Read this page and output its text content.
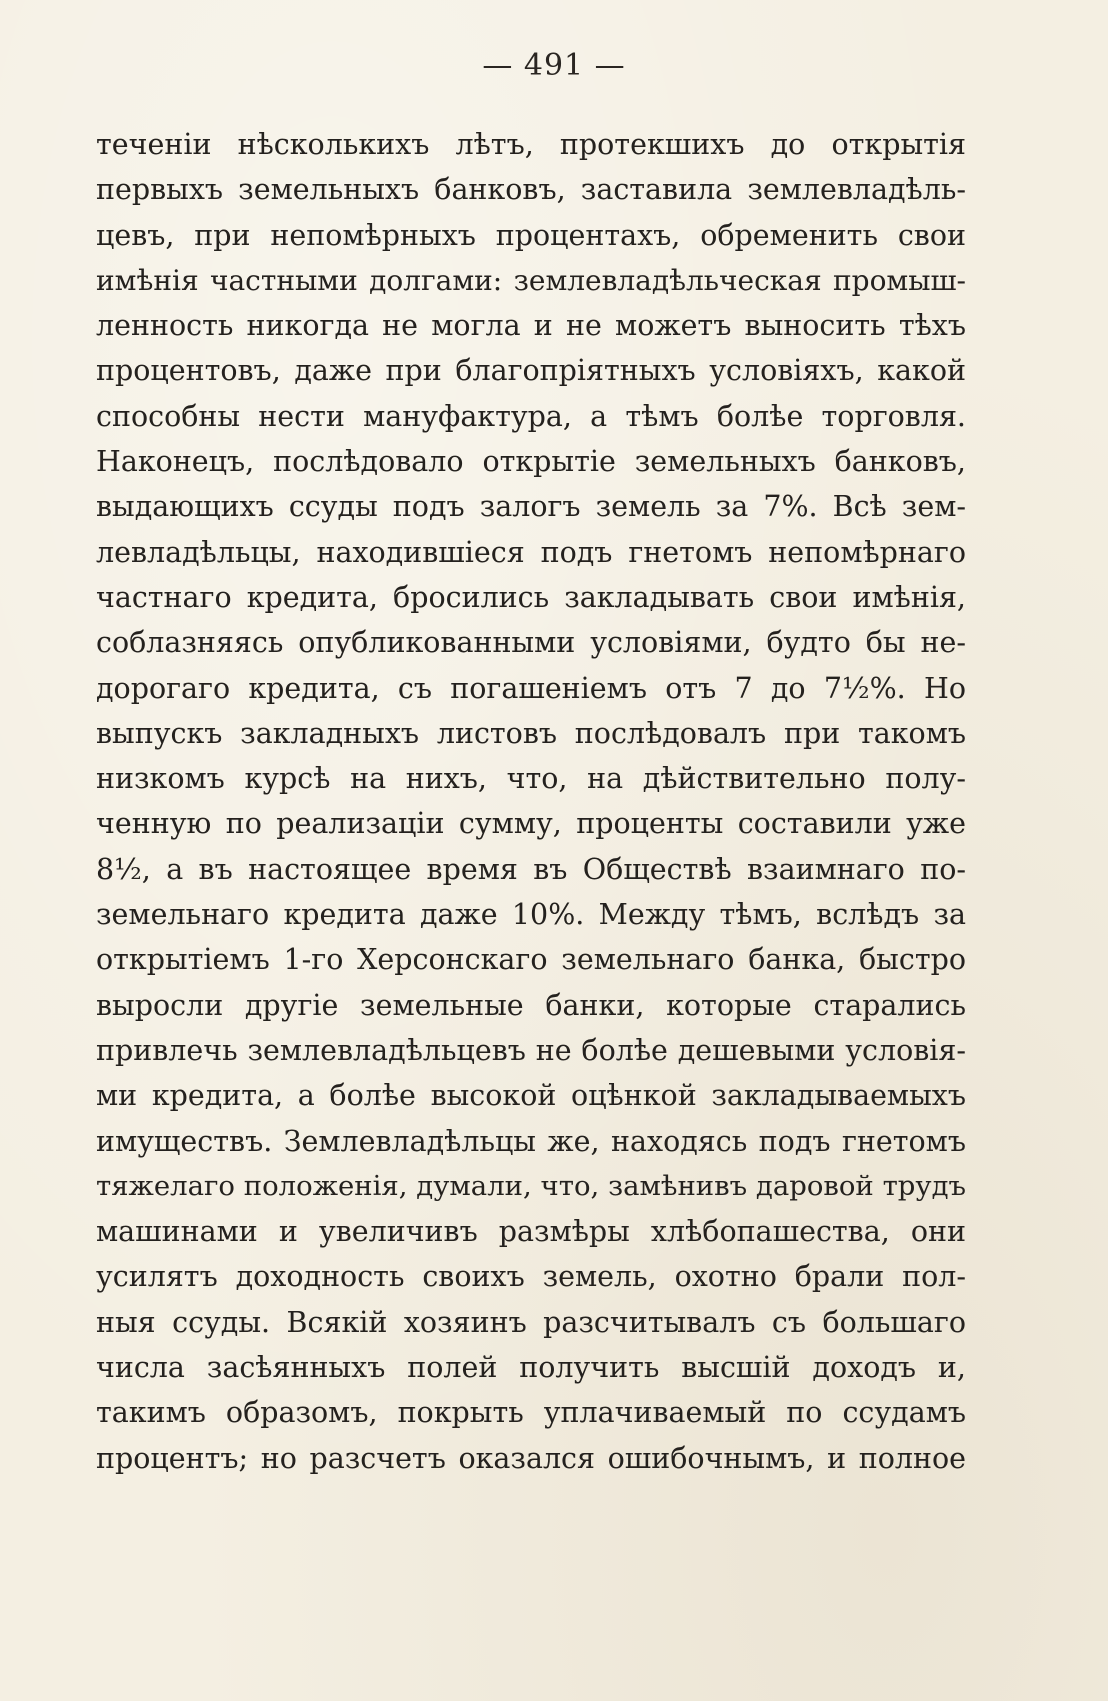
— 491 —
теченіи нѣсколькихъ лѣтъ, протекшихъ до открытія
первыхъ земельныхъ банковъ, заставила землевладѣль-
цевъ, при непомѣрныхъ процентахъ, обременить свои
имѣнія частными долгами: землевладѣльческая промыш-
ленность никогда не могла и не можетъ выносить тѣхъ
процентовъ, даже при благопріятныхъ условіяхъ, какой
способны нести мануфактура, а тѣмъ болѣе торговля.
Наконецъ, послѣдовало открытіе земельныхъ банковъ,
выдающихъ ссуды подъ залогъ земель за 7%. Всѣ зем-
левладѣльцы, находившіеся подъ гнетомъ непомѣрнаго
частнаго кредита, бросились закладывать свои имѣнія,
соблазняясь опубликованными условіями, будто бы не-
дорогаго кредита, съ погашеніемъ отъ 7 до 7½%. Но
выпускъ закладныхъ листовъ послѣдовалъ при такомъ
низкомъ курсѣ на нихъ, что, на дѣйствительно полу-
ченную по реализаціи сумму, проценты составили уже
8½, а въ настоящее время въ Обществѣ взаимнаго по-
земельнаго кредита даже 10%. Между тѣмъ, вслѣдъ за
открытіемъ 1-го Херсонскаго земельнаго банка, быстро
выросли другіе земельные банки, которые старались
привлечь землевладѣльцевъ не болѣе дешевыми условія-
ми кредита, а болѣе высокой оцѣнкой закладываемыхъ
имуществъ. Землевладѣльцы же, находясь подъ гнетомъ
тяжелаго положенія, думали, что, замѣнивъ даровой трудъ
машинами и увеличивъ размѣры хлѣбопашества, они
усилятъ доходность своихъ земель, охотно брали пол-
ныя ссуды. Всякій хозяинъ разсчитывалъ съ большаго
числа засѣянныхъ полей получить высшій доходъ и,
такимъ образомъ, покрыть уплачиваемый по ссудамъ
процентъ; но разсчетъ оказался ошибочнымъ, и полное
